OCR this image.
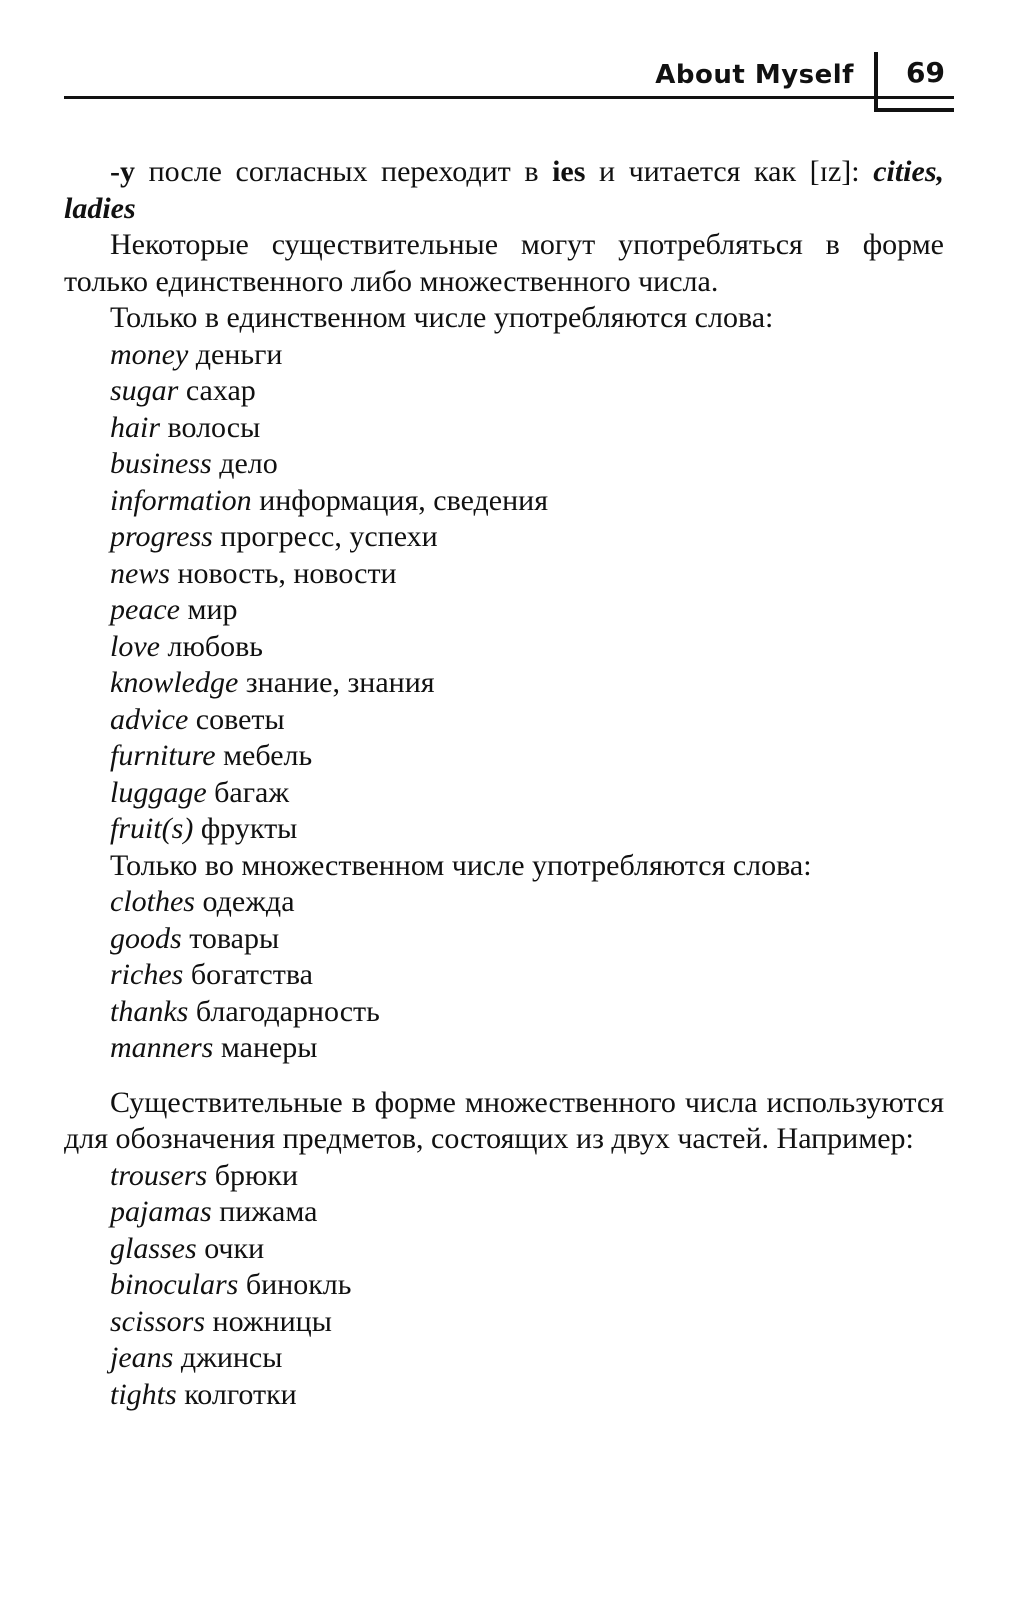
About Myself 69

-y после согласных переходит в ies и читается как [ɪz]: cities, ladies

Некоторые существительные могут употребляться в форме только единственного либо множественного числа.

Только в единственном числе употребляются слова:

money деньги
sugar сахар
hair волосы
business дело
information информация, сведения
progress прогресс, успехи
news новость, новости
peace мир
love любовь
knowledge знание, знания
advice советы
furniture мебель
luggage багаж
fruit(s) фрукты

Только во множественном числе употребляются слова:

clothes одежда
goods товары
riches богатства
thanks благодарность
manners манеры

Существительные в форме множественного числа используются для обозначения предметов, состоящих из двух частей. Например:

trousers брюки
pajamas пижама
glasses очки
binoculars бинокль
scissors ножницы
jeans джинсы
tights колготки
